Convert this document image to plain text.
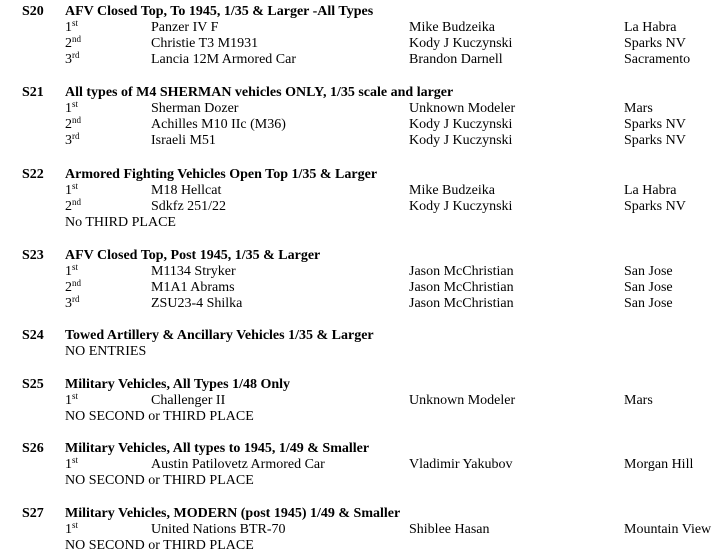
S20 AFV Closed Top, To 1945, 1/35 & Larger -All Types
1st	Panzer IV F	Mike Budzeika	La Habra
2nd	Christie T3 M1931	Kody J Kuczynski	Sparks NV
3rd	Lancia 12M Armored Car	Brandon Darnell	Sacramento
S21 All types of M4 SHERMAN vehicles ONLY, 1/35 scale and larger
1st	Sherman Dozer	Unknown Modeler	Mars
2nd	Achilles M10 IIc (M36)	Kody J Kuczynski	Sparks NV
3rd	Israeli M51	Kody J Kuczynski	Sparks NV
S22 Armored Fighting Vehicles Open Top 1/35 & Larger
1st	M18 Hellcat	Mike Budzeika	La Habra
2nd	Sdkfz 251/22	Kody J Kuczynski	Sparks NV
No THIRD PLACE
S23 AFV Closed Top, Post 1945, 1/35 & Larger
1st	M1134 Stryker	Jason McChristian	San Jose
2nd	M1A1 Abrams	Jason McChristian	San Jose
3rd	ZSU23-4 Shilka	Jason McChristian	San Jose
S24 Towed Artillery & Ancillary Vehicles 1/35 & Larger
NO ENTRIES
S25 Military Vehicles, All Types 1/48 Only
1st	Challenger II	Unknown Modeler	Mars
NO SECOND or THIRD PLACE
S26 Military Vehicles, All types to 1945, 1/49 & Smaller
1st	Austin Patilovetz Armored Car	Vladimir Yakubov	Morgan Hill
NO SECOND or THIRD PLACE
S27 Military Vehicles, MODERN (post 1945) 1/49 & Smaller
1st	United Nations BTR-70	Shiblee Hasan	Mountain View
NO SECOND or THIRD PLACE
